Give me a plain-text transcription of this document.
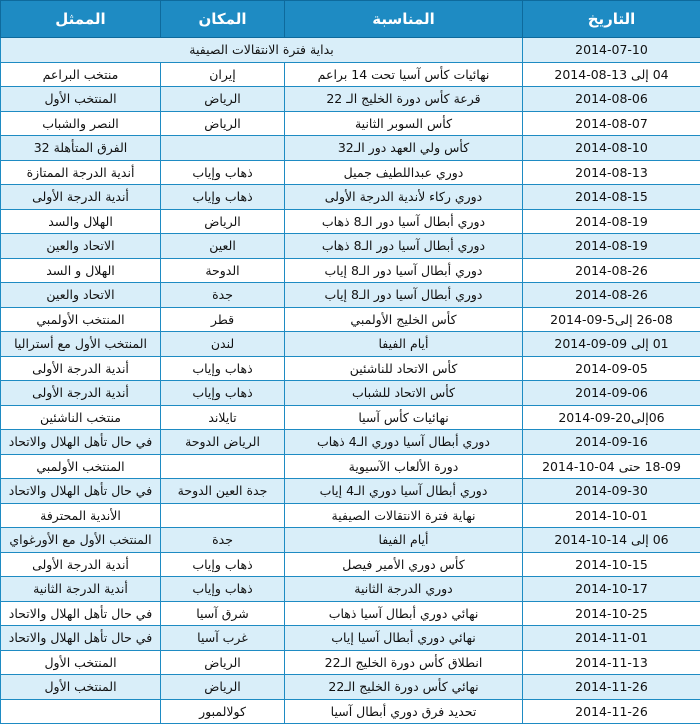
التاريخ	المناسبة	المكان	الممثل
2014-07-10	بداية فترة الانتقالات الصيفية		
04 إلى 13-08-2014	نهائيات كأس آسيا تحت 14 براعم	إيران	منتخب البراعم
2014-08-06	قرعة كأس دورة الخليج الـ 22	الرياض	المنتخب الأول
2014-08-07	كأس السوبر الثانية	الرياض	النصر والشباب
2014-08-10	كأس ولي العهد دور الـ32		الفرق المتأهلة 32
2014-08-13	دوري عبداللطيف جميل	ذهاب وإياب	أندية الدرجة الممتازة
2014-08-15	دوري ركاء لأندية الدرجة الأولى	ذهاب وإياب	أندية الدرجة الأولى
2014-08-19	دوري أبطال آسيا دور الـ8 ذهاب	الرياض	الهلال والسد
2014-08-19	دوري أبطال آسيا دور الـ8 ذهاب	العين	الاتحاد والعين
2014-08-26	دوري أبطال آسيا دور الـ8 إياب	الدوحة	الهلال و السد
2014-08-26	دوري أبطال آسيا دور الـ8 إياب	جدة	الاتحاد والعين
26-08 إلى5-09-2014	كأس الخليج الأولمبي	قطر	المنتخب الأولمبي
01 إلى 09-09-2014	أيام الفيفا	لندن	المنتخب الأول مع أستراليا
2014-09-05	كأس الاتحاد للناشئين	ذهاب وإياب	أندية الدرجة الأولى
2014-09-06	كأس الاتحاد للشباب	ذهاب وإياب	أندية الدرجة الأولى
06إلى20-09-2014	نهائيات كأس آسيا	تايلاند	منتخب الناشئين
2014-09-16	دوري أبطال آسيا دوري الـ4 ذهاب	الرياض الدوحة	في حال تأهل الهلال والاتحاد
18-09 حتى 04-10-2014	دورة الألعاب الآسيوية		المنتخب الأولمبي
2014-09-30	دوري أبطال آسيا دوري الـ4 إياب	جدة العين الدوحة	في حال تأهل الهلال والاتحاد
2014-10-01	نهاية فترة الانتقالات الصيفية		الأندية المحترفة
06 إلى 14-10-2014	أيام الفيفا	جدة	المنتخب الأول مع الأورغواي
2014-10-15	كأس دوري الأمير فيصل	ذهاب وإياب	أندية الدرجة الأولى
2014-10-17	دوري الدرجة الثانية	ذهاب وإياب	أندية الدرجة الثانية
2014-10-25	نهائي دوري أبطال آسيا ذهاب	شرق آسيا	في حال تأهل الهلال والاتحاد
2014-11-01	نهائي دوري أبطال آسيا إياب	غرب آسيا	في حال تأهل الهلال والاتحاد
2014-11-13	انطلاق كأس دورة الخليج الـ22	الرياض	المنتخب الأول
2014-11-26	نهائي كأس دورة الخليج الـ22	الرياض	المنتخب الأول
2014-11-26	تحديد فرق دوري أبطال آسيا	كولالمبور	
